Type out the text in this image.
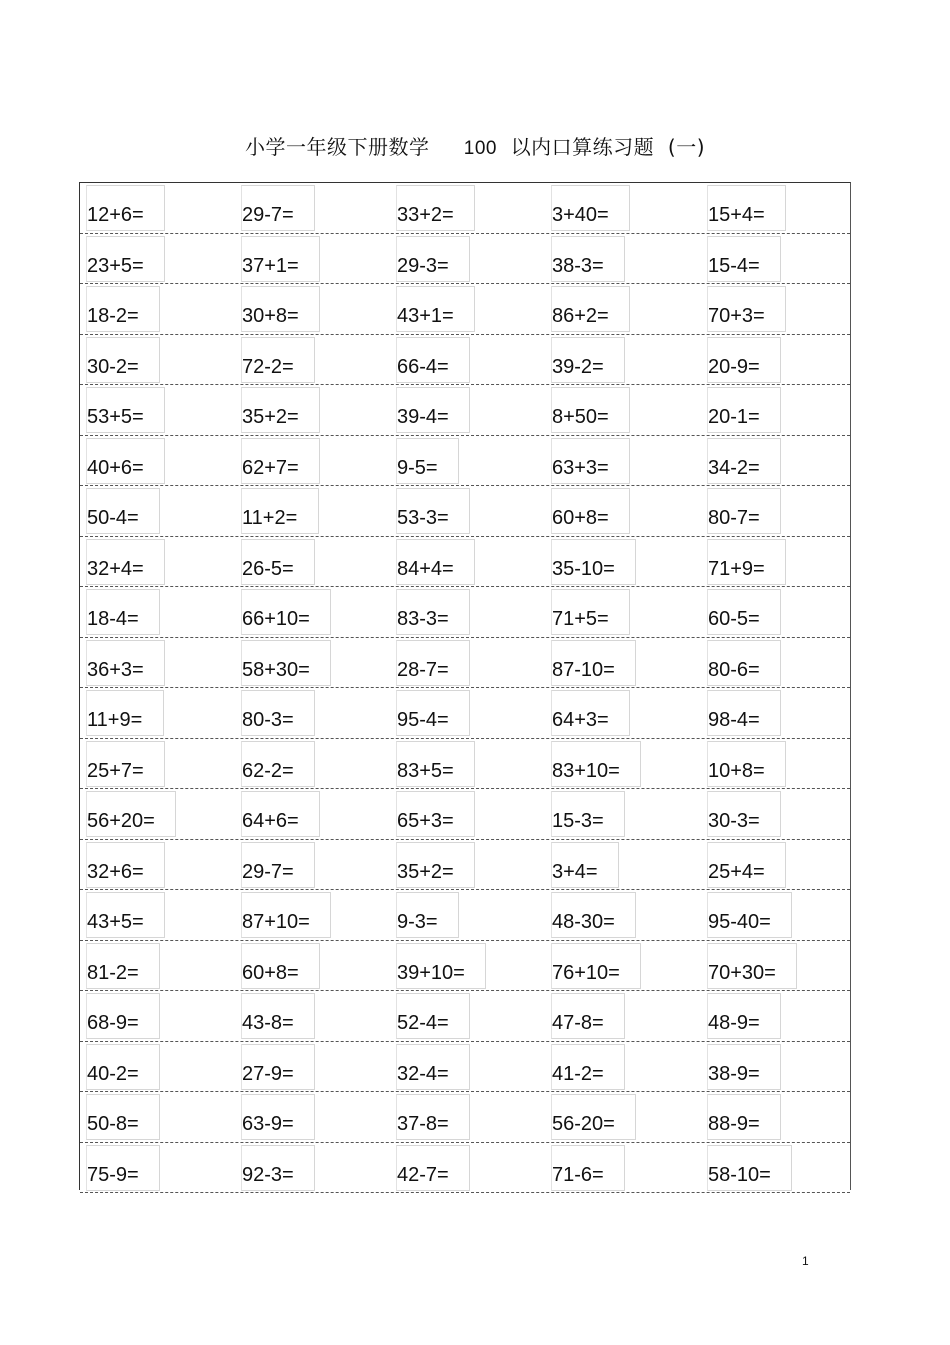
小学一年级下册数学 100 以内口算练习题 (一)
12+6=	29-7=	33+2=	3+40=	15+4=
23+5=	37+1=	29-3=	38-3=	15-4=
18-2=	30+8=	43+1=	86+2=	70+3=
30-2=	72-2=	66-4=	39-2=	20-9=
53+5=	35+2=	39-4=	8+50=	20-1=
40+6=	62+7=	9-5=	63+3=	34-2=
50-4=	11+2=	53-3=	60+8=	80-7=
32+4=	26-5=	84+4=	35-10=	71+9=
18-4=	66+10=	83-3=	71+5=	60-5=
36+3=	58+30=	28-7=	87-10=	80-6=
11+9=	80-3=	95-4=	64+3=	98-4=
25+7=	62-2=	83+5=	83+10=	10+8=
56+20=	64+6=	65+3=	15-3=	30-3=
32+6=	29-7=	35+2=	3+4=	25+4=
43+5=	87+10=	9-3=	48-30=	95-40=
81-2=	60+8=	39+10=	76+10=	70+30=
68-9=	43-8=	52-4=	47-8=	48-9=
40-2=	27-9=	32-4=	41-2=	38-9=
50-8=	63-9=	37-8=	56-20=	88-9=
75-9=	92-3=	42-7=	71-6=	58-10=
1
